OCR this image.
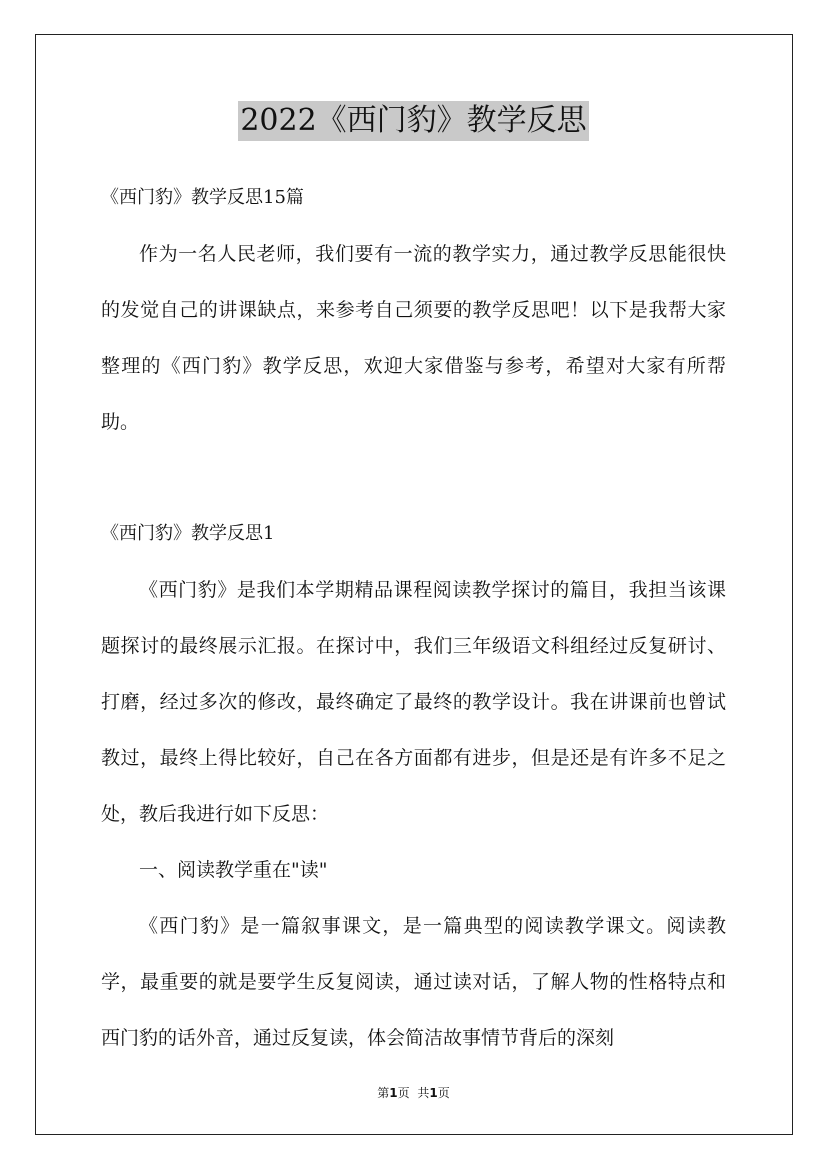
2022《西门豹》教学反思

《西门豹》教学反思15篇

作为一名人民老师，我们要有一流的教学实力，通过教学反思能很快的发觉自己的讲课缺点，来参考自己须要的教学反思吧！以下是我帮大家整理的《西门豹》教学反思，欢迎大家借鉴与参考，希望对大家有所帮助。

《西门豹》教学反思1

《西门豹》是我们本学期精品课程阅读教学探讨的篇目，我担当该课题探讨的最终展示汇报。在探讨中，我们三年级语文科组经过反复研讨、打磨，经过多次的修改，最终确定了最终的教学设计。我在讲课前也曾试教过，最终上得比较好，自己在各方面都有进步，但是还是有许多不足之处，教后我进行如下反思：

一、阅读教学重在"读"

《西门豹》是一篇叙事课文，是一篇典型的阅读教学课文。阅读教学，最重要的就是要学生反复阅读，通过读对话，了解人物的性格特点和西门豹的话外音，通过反复读，体会简洁故事情节背后的深刻

第1页 共1页
